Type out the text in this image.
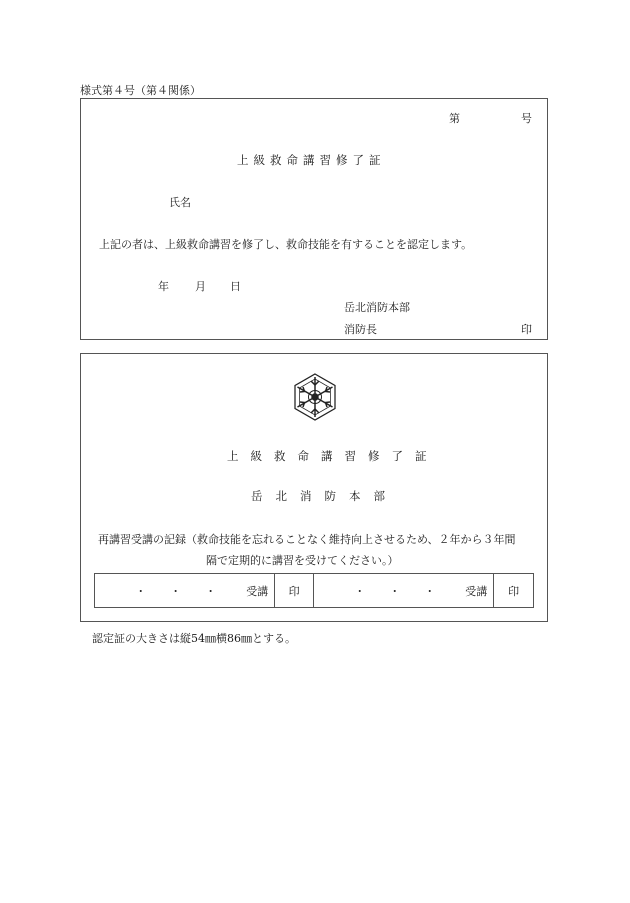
様式第４号（第４関係）
第	号
上級救命講習修了証
氏名
上記の者は、上級救命講習を修了し、救命技能を有することを認定します。
年 月 日
岳北消防本部
消防長	印
上級救命講習修了証
岳北消防本部
再講習受講の記録（救命技能を忘れることなく維持向上させるため、２年から３年間
隔で定期的に講習を受けてください。）
・・・ 受講 印	・・・ 受講 印
認定証の大きさは縦54㎜横86㎜とする。
